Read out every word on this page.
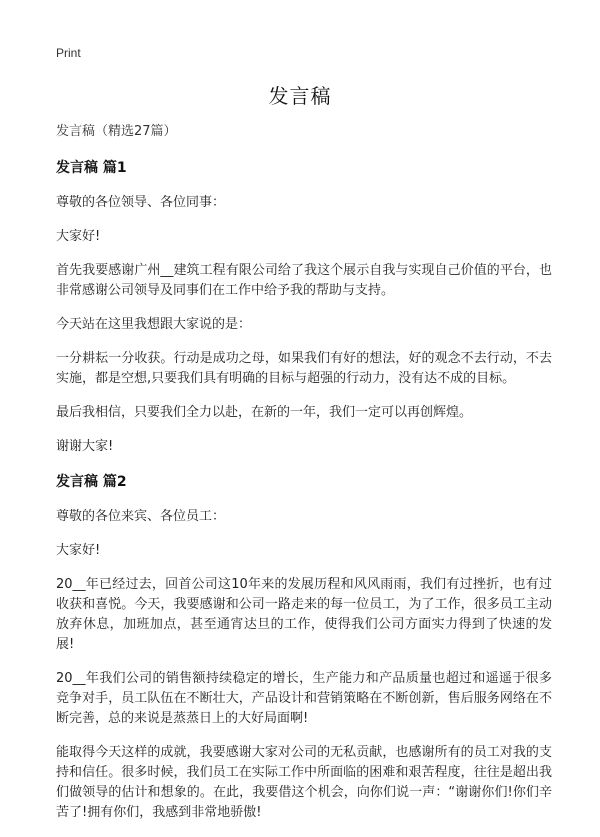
Print
发言稿

发言稿（精选27篇）

发言稿 篇1

尊敬的各位领导、各位同事：

大家好!

首先我要感谢广州__建筑工程有限公司给了我这个展示自我与实现自己价值的平台，也非常感谢公司领导及同事们在工作中给予我的帮助与支持。

今天站在这里我想跟大家说的是：

一分耕耘一分收获。行动是成功之母，如果我们有好的想法，好的观念不去行动，不去实施，都是空想,只要我们具有明确的目标与超强的行动力，没有达不成的目标。

最后我相信，只要我们全力以赴，在新的一年，我们一定可以再创辉煌。

谢谢大家!

发言稿 篇2

尊敬的各位来宾、各位员工：

大家好!

20__年已经过去，回首公司这10年来的发展历程和风风雨雨，我们有过挫折，也有过收获和喜悦。今天，我要感谢和公司一路走来的每一位员工，为了工作，很多员工主动放弃休息，加班加点，甚至通宵达旦的工作，使得我们公司方面实力得到了快速的发展!

20__年我们公司的销售额持续稳定的增长，生产能力和产品质量也超过和遥遥于很多竞争对手，员工队伍在不断壮大，产品设计和营销策略在不断创新，售后服务网络在不断完善，总的来说是蒸蒸日上的大好局面啊!

能取得今天这样的成就，我要感谢大家对公司的无私贡献，也感谢所有的员工对我的支持和信任。很多时候，我们员工在实际工作中所面临的困难和艰苦程度，往往是超出我们做领导的估计和想象的。在此，我要借这个机会，向你们说一声：“谢谢你们!你们辛苦了!拥有你们，我感到非常地骄傲!
